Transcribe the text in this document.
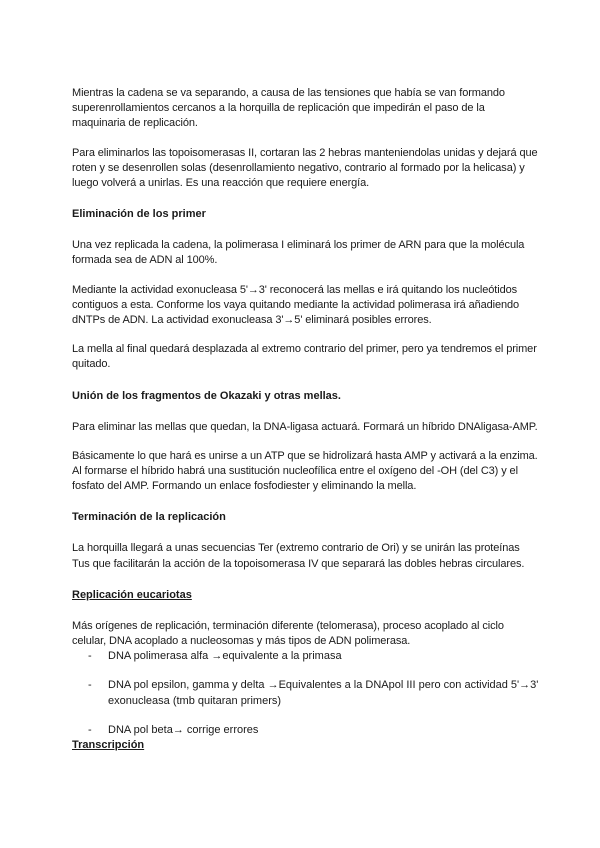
Mientras la cadena se va separando, a causa de las tensiones que había se van formando superenrollamientos cercanos a la horquilla de replicación que impedirán el paso de la maquinaria de replicación.

Para eliminarlos las topoisomerasas II, cortaran las 2 hebras manteniendolas unidas y dejará que roten y se desenrollen solas (desenrollamiento negativo, contrario al formado por la helicasa) y luego volverá a unirlas. Es una reacción que requiere energía.

Eliminación de los primer

Una vez replicada la cadena, la polimerasa I eliminará los primer de ARN para que la molécula formada sea de ADN al 100%.

Mediante la actividad exonucleasa 5'→3' reconocerá las mellas e irá quitando los nucleótidos contiguos a esta. Conforme los vaya quitando mediante la actividad polimerasa irá añadiendo dNTPs de ADN. La actividad exonucleasa 3'→5' eliminará posibles errores.

La mella al final quedará desplazada al extremo contrario del primer, pero ya tendremos el primer quitado.

Unión de los fragmentos de Okazaki y otras mellas.

Para eliminar las mellas que quedan, la DNA-ligasa actuará. Formará un híbrido DNAligasa-AMP.

Básicamente lo que hará es unirse a un ATP que se hidrolizará hasta AMP y activará a la enzima. Al formarse el híbrido habrá una sustitución nucleofílica entre el oxígeno del -OH (del C3) y el fosfato del AMP. Formando un enlace fosfodiester y eliminando la mella.

Terminación de la replicación

La horquilla llegará a unas secuencias Ter (extremo contrario de Ori) y se unirán las proteínas Tus que facilitarán la acción de la topoisomerasa IV que separará las dobles hebras circulares.

Replicación eucariotas

Más orígenes de replicación, terminación diferente (telomerasa), proceso acoplado al ciclo celular, DNA acoplado a nucleosomas y más tipos de ADN polimerasa.

- DNA polimerasa alfa →equivalente a la primasa
- DNA pol epsilon, gamma y delta →Equivalentes a la DNApol III pero con actividad 5'→3' exonucleasa (tmb quitaran primers)
- DNA pol beta→ corrige errores
Transcripción
